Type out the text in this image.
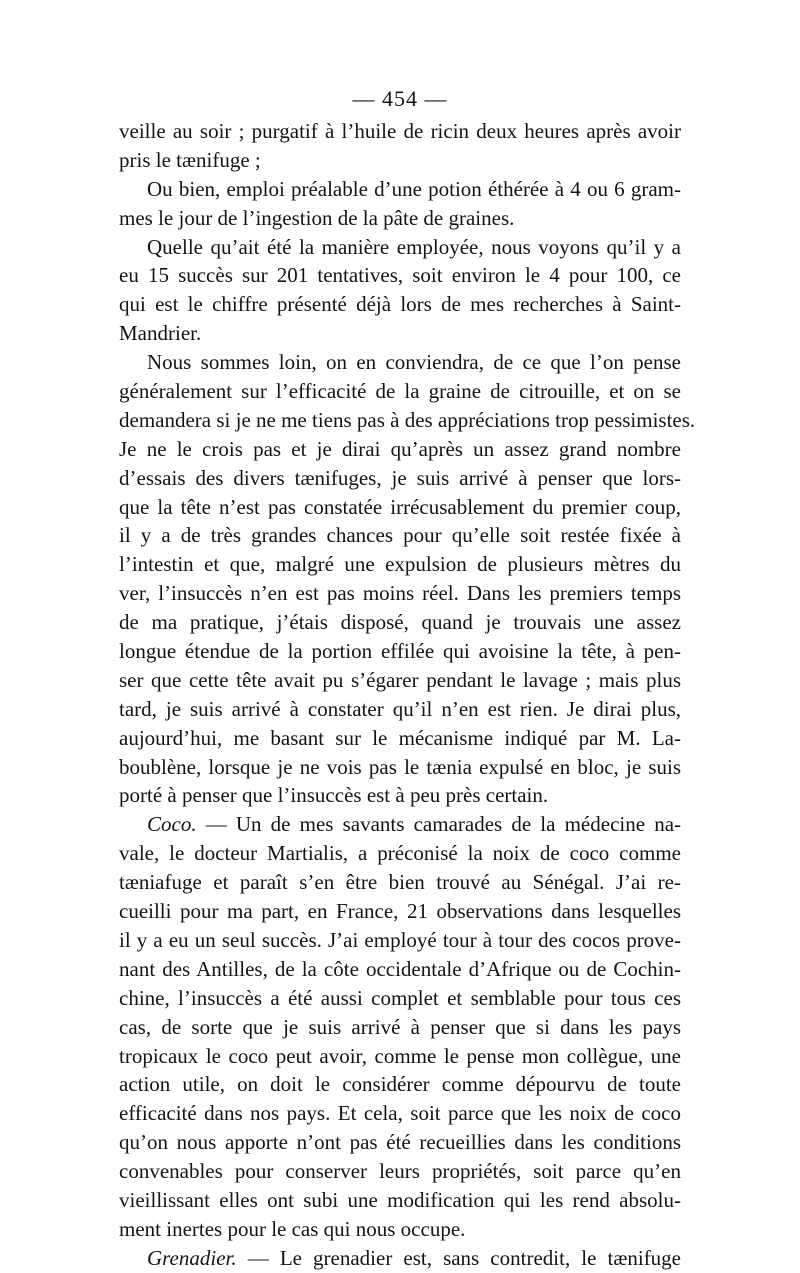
— 454 —
veille au soir ; purgatif à l’huile de ricin deux heures après avoir
pris le tænifuge ;
Ou bien, emploi préalable d’une potion éthérée à 4 ou 6 gram-
mes le jour de l’ingestion de la pâte de graines.
Quelle qu’ait été la manière employée, nous voyons qu’il y a
eu 15 succès sur 201 tentatives, soit environ le 4 pour 100, ce
qui est le chiffre présenté déjà lors de mes recherches à Saint-
Mandrier.
Nous sommes loin, on en conviendra, de ce que l’on pense
généralement sur l’efficacité de la graine de citrouille, et on se
demandera si je ne me tiens pas à des appréciations trop pessimistes.
Je ne le crois pas et je dirai qu’après un assez grand nombre
d’essais des divers tænifuges, je suis arrivé à penser que lors-
que la tête n’est pas constatée irrécusablement du premier coup,
il y a de très grandes chances pour qu’elle soit restée fixée à
l’intestin et que, malgré une expulsion de plusieurs mètres du
ver, l’insuccès n’en est pas moins réel. Dans les premiers temps
de ma pratique, j’étais disposé, quand je trouvais une assez
longue étendue de la portion effilée qui avoisine la tête, à pen-
ser que cette tête avait pu s’égarer pendant le lavage ; mais plus
tard, je suis arrivé à constater qu’il n’en est rien. Je dirai plus,
aujourd’hui, me basant sur le mécanisme indiqué par M. La-
boublène, lorsque je ne vois pas le tænia expulsé en bloc, je suis
porté à penser que l’insuccès est à peu près certain.
Coco. — Un de mes savants camarades de la médecine na-
vale, le docteur Martialis, a préconisé la noix de coco comme
tæniafuge et paraît s’en être bien trouvé au Sénégal. J’ai re-
cueilli pour ma part, en France, 21 observations dans lesquelles
il y a eu un seul succès. J’ai employé tour à tour des cocos prove-
nant des Antilles, de la côte occidentale d’Afrique ou de Cochin-
chine, l’insuccès a été aussi complet et semblable pour tous ces
cas, de sorte que je suis arrivé à penser que si dans les pays
tropicaux le coco peut avoir, comme le pense mon collègue, une
action utile, on doit le considérer comme dépourvu de toute
efficacité dans nos pays. Et cela, soit parce que les noix de coco
qu’on nous apporte n’ont pas été recueillies dans les conditions
convenables pour conserver leurs propriétés, soit parce qu’en
vieillissant elles ont subi une modification qui les rend absolu-
ment inertes pour le cas qui nous occupe.
Grenadier. — Le grenadier est, sans contredit, le tænifuge
